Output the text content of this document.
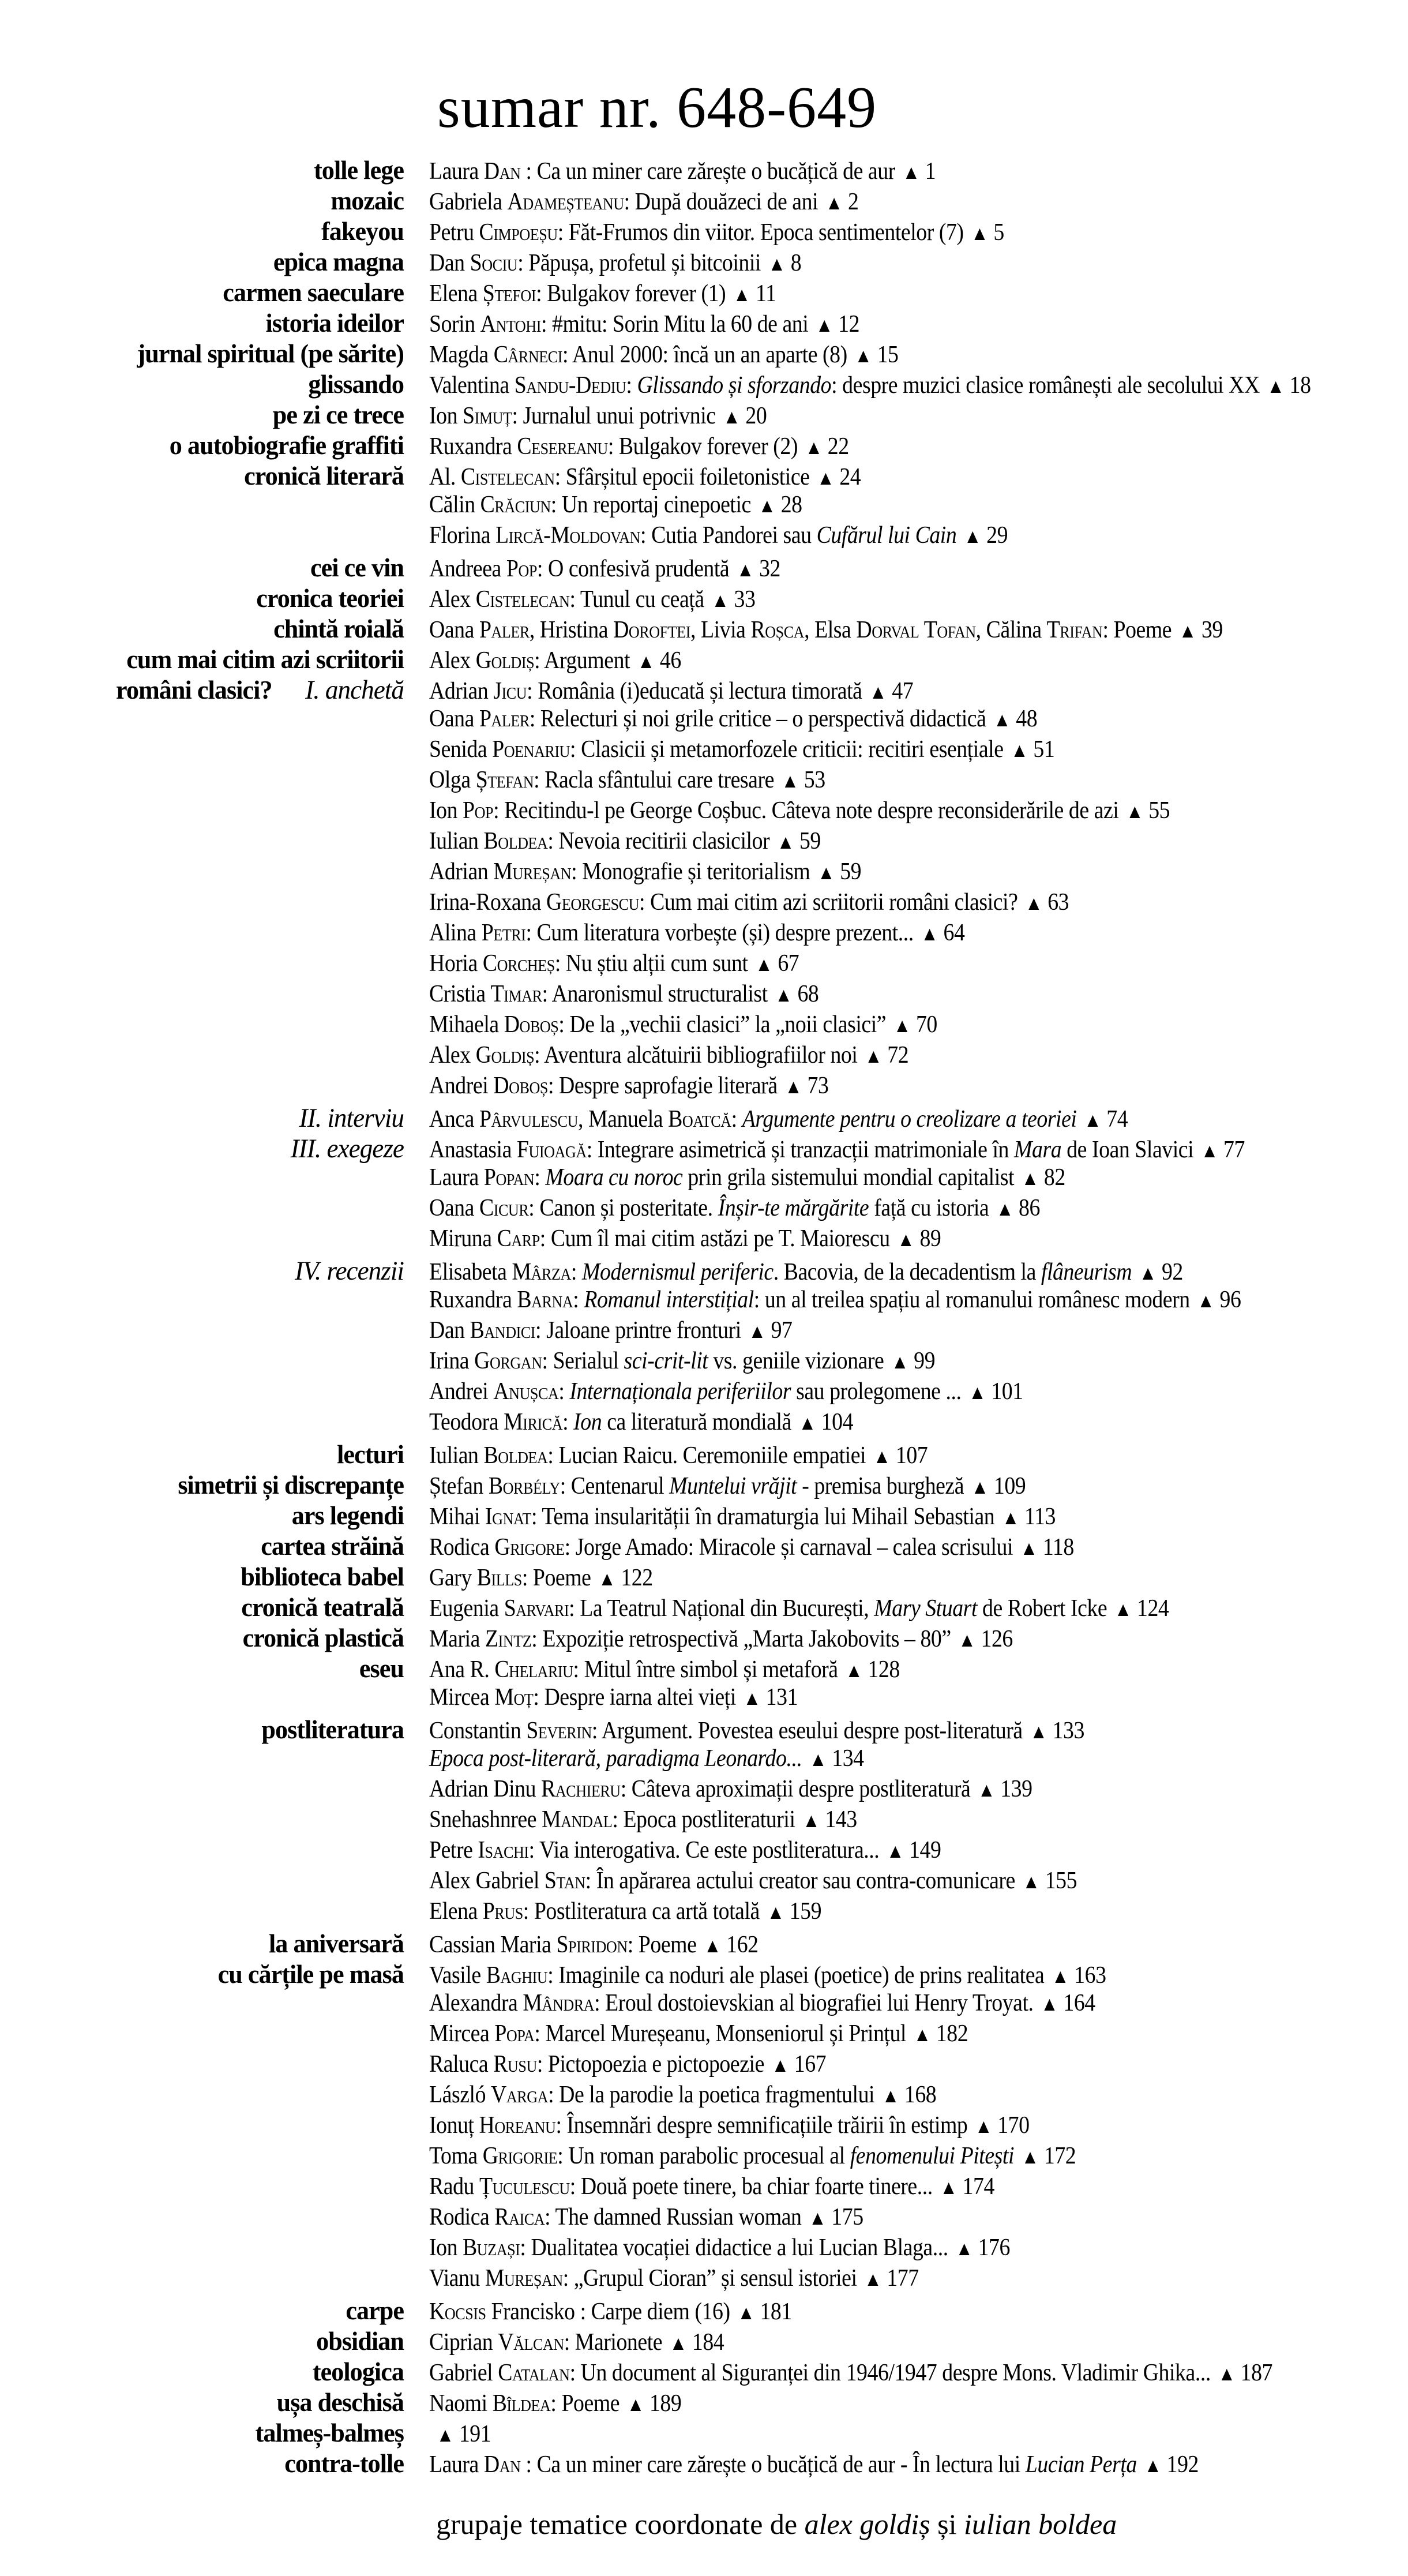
sumar nr. 648-649
tolle lege Laura Dan : Ca un miner care zărește o bucățică de aur ▲ 1
mozaic Gabriela Adameșteanu: După douăzeci de ani ▲ 2
fakeyou Petru Cimpoeșu: Făt-Frumos din viitor. Epoca sentimentelor (7) ▲ 5
epica magna Dan Sociu: Păpușa, profetul și bitcoinii ▲ 8
carmen saeculare Elena Ștefoi: Bulgakov forever (1) ▲ 11
istoria ideilor Sorin Antohi: #mitu: Sorin Mitu la 60 de ani ▲ 12
jurnal spiritual (pe sărite) Magda Cârneci: Anul 2000: încă un an aparte (8) ▲ 15
glissando Valentina Sandu-Dediu: Glissando și sforzando: despre muzici clasice românești ale secolului XX ▲ 18
pe zi ce trece Ion Simuț: Jurnalul unui potrivnic ▲ 20
o autobiografie graffiti Ruxandra Cesereanu: Bulgakov forever (2) ▲ 22
cronică literară Al. Cistelecan: Sfârșitul epocii foiletonistice ▲ 24
Călin Crăciun: Un reportaj cinepoetic ▲ 28
Florina Lircă-Moldovan: Cutia Pandorei sau Cufărul lui Cain ▲ 29
cei ce vin Andreea Pop: O confesivă prudentă ▲ 32
cronica teoriei Alex Cistelecan: Tunul cu ceață ▲ 33
chintă roială Oana Paler, Hristina Doroftei, Livia Roșca, Elsa Dorval Tofan, Călina Trifan: Poeme ▲ 39
cum mai citim azi scriitorii Alex Goldiș: Argument ▲ 46
români clasici? I. anchetă Adrian Jicu: România (i)educată și lectura timorată ▲ 47
Oana Paler: Relecturi și noi grile critice – o perspectivă didactică ▲ 48
Senida Poenariu: Clasicii și metamorfozele criticii: recitiri esențiale ▲ 51
Olga Ștefan: Racla sfântului care tresare ▲ 53
Ion Pop: Recitindu-l pe George Coșbuc. Câteva note despre reconsiderările de azi ▲ 55
Iulian Boldea: Nevoia recitirii clasicilor ▲ 59
Adrian Mureșan: Monografie și teritorialism ▲ 59
Irina-Roxana Georgescu: Cum mai citim azi scriitorii români clasici? ▲ 63
Alina Petri: Cum literatura vorbește (și) despre prezent... ▲ 64
Horia Corcheș: Nu știu alții cum sunt ▲ 67
Cristia Timar: Anaronismul structuralist ▲ 68
Mihaela Doboș: De la „vechii clasici” la „noii clasici” ▲ 70
Alex Goldiș: Aventura alcătuirii bibliografiilor noi ▲ 72
Andrei Doboș: Despre saprofagie literară ▲ 73
II. interviu Anca Pârvulescu, Manuela Boatcă: Argumente pentru o creolizare a teoriei ▲ 74
III. exegeze Anastasia Fuioagă: Integrare asimetrică și tranzacții matrimoniale în Mara de Ioan Slavici ▲ 77
Laura Popan: Moara cu noroc prin grila sistemului mondial capitalist ▲ 82
Oana Cicur: Canon și posteritate. Înșir-te mărgărite față cu istoria ▲ 86
Miruna Carp: Cum îl mai citim astăzi pe T. Maiorescu ▲ 89
IV. recenzii Elisabeta Mârza: Modernismul periferic. Bacovia, de la decadentism la flâneurism ▲ 92
Ruxandra Barna: Romanul interstițial: un al treilea spațiu al romanului românesc modern ▲ 96
Dan Bandici: Jaloane printre fronturi ▲ 97
Irina Gorgan: Serialul sci-crit-lit vs. geniile vizionare ▲ 99
Andrei Anușca: Internaționala periferiilor sau prolegomene ... ▲ 101
Teodora Mirică: Ion ca literatură mondială ▲ 104
lecturi Iulian Boldea: Lucian Raicu. Ceremoniile empatiei ▲ 107
simetrii și discrepanțe Ștefan Borbély: Centenarul Muntelui vrăjit - premisa burgheză ▲ 109
ars legendi Mihai Ignat: Tema insularității în dramaturgia lui Mihail Sebastian ▲ 113
cartea străină Rodica Grigore: Jorge Amado: Miracole și carnaval – calea scrisului ▲ 118
biblioteca babel Gary Bills: Poeme ▲ 122
cronică teatrală Eugenia Sarvari: La Teatrul Național din București, Mary Stuart de Robert Icke ▲ 124
cronică plastică Maria Zintz: Expoziție retrospectivă „Marta Jakobovits – 80” ▲ 126
eseu Ana R. Chelariu: Mitul între simbol și metaforă ▲ 128
Mircea Moț: Despre iarna altei vieți ▲ 131
postliteratura Constantin Severin: Argument. Povestea eseului despre post-literatură ▲ 133
Epoca post-literară, paradigma Leonardo... ▲ 134
Adrian Dinu Rachieru: Câteva aproximații despre postliteratură ▲ 139
Snehashnree Mandal: Epoca postliteraturii ▲ 143
Petre Isachi: Via interogativa. Ce este postliteratura... ▲ 149
Alex Gabriel Stan: În apărarea actului creator sau contra-comunicare ▲ 155
Elena Prus: Postliteratura ca artă totală ▲ 159
la aniversară Cassian Maria Spiridon: Poeme ▲ 162
cu cărțile pe masă Vasile Baghiu: Imaginile ca noduri ale plasei (poetice) de prins realitatea ▲ 163
Alexandra Mândra: Eroul dostoievskian al biografiei lui Henry Troyat. ▲ 164
Mircea Popa: Marcel Mureșeanu, Monseniorul și Prințul ▲ 182
Raluca Rusu: Pictopoezia e pictopoezie ▲ 167
László Varga: De la parodie la poetica fragmentului ▲ 168
Ionuț Horeanu: Însemnări despre semnificațiile trăirii în estimp ▲ 170
Toma Grigorie: Un roman parabolic procesual al fenomenului Pitești ▲ 172
Radu Țuculescu: Două poete tinere, ba chiar foarte tinere... ▲ 174
Rodica Raica: The damned Russian woman ▲ 175
Ion Buzași: Dualitatea vocației didactice a lui Lucian Blaga... ▲ 176
Vianu Mureșan: „Grupul Cioran” și sensul istoriei ▲ 177
carpe Kocsis Francisko : Carpe diem (16) ▲ 181
obsidian Ciprian Vălcan: Marionete ▲ 184
teologica Gabriel Catalan: Un document al Siguranței din 1946/1947 despre Mons. Vladimir Ghika... ▲ 187
ușa deschisă Naomi Bîldea: Poeme ▲ 189
talmeș-balmeș	▲ 191
contra-tolle Laura Dan : Ca un miner care zărește o bucățică de aur - În lectura lui Lucian Perța ▲ 192
grupaje tematice coordonate de alex goldiș și iulian boldea
